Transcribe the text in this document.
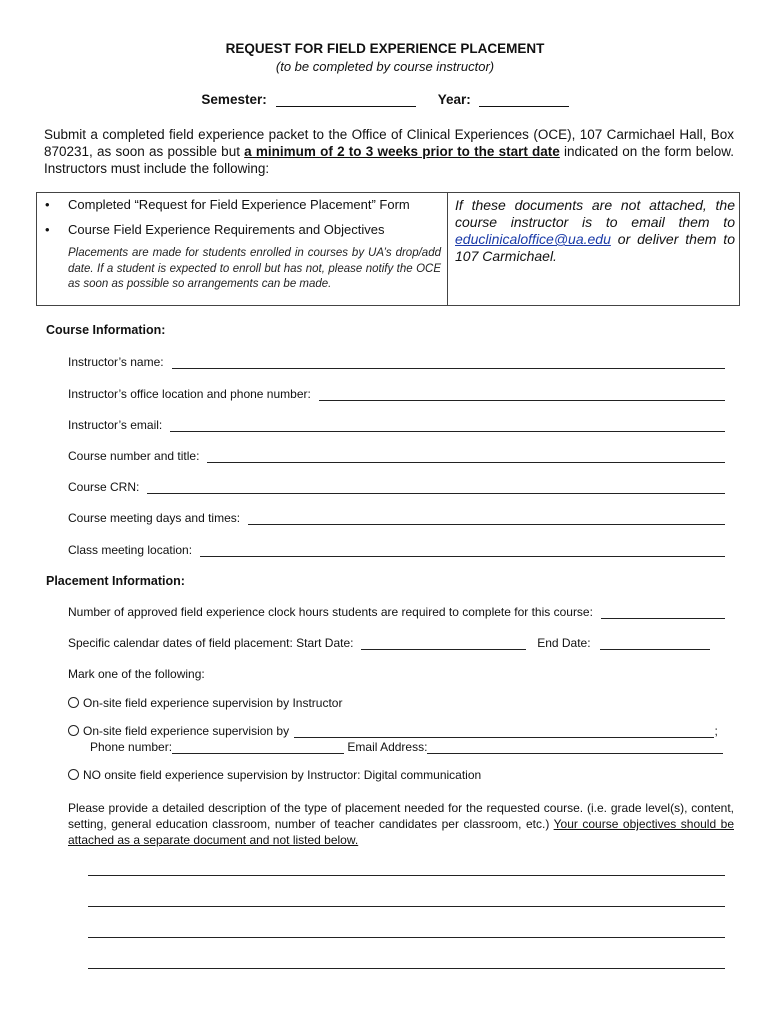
REQUEST FOR FIELD EXPERIENCE PLACEMENT
(to be completed by course instructor)
Semester:	Year:
Submit a completed field experience packet to the Office of Clinical Experiences (OCE), 107 Carmichael Hall, Box 870231, as soon as possible but a minimum of 2 to 3 weeks prior to the start date indicated on the form below. Instructors must include the following:
• Completed “Request for Field Experience Placement” Form
• Course Field Experience Requirements and Objectives
Placements are made for students enrolled in courses by UA’s drop/add date. If a student is expected to enroll but has not, please notify the OCE as soon as possible so arrangements can be made.
If these documents are not attached, the course instructor is to email them to educlinicaloffice@ua.edu or deliver them to 107 Carmichael.
Course Information:
Instructor’s name:
Instructor’s office location and phone number:
Instructor’s email:
Course number and title:
Course CRN:
Course meeting days and times:
Class meeting location:
Placement Information:
Number of approved field experience clock hours students are required to complete for this course:
Specific calendar dates of field placement: Start Date:	End Date:
Mark one of the following:
On-site field experience supervision by Instructor
On-site field experience supervision by	;
Phone number:	Email Address:
NO onsite field experience supervision by Instructor: Digital communication
Please provide a detailed description of the type of placement needed for the requested course. (i.e. grade level(s), content, setting, general education classroom, number of teacher candidates per classroom, etc.) Your course objectives should be attached as a separate document and not listed below.
